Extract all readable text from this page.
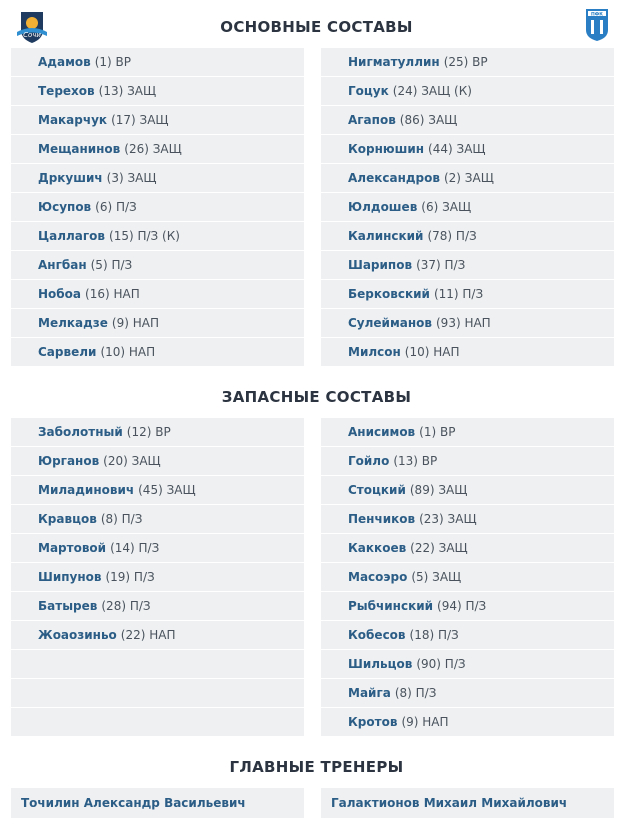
Сочи
ПФК
ОСНОВНЫЕ СОСТАВЫ
ЗАПАСНЫЕ СОСТАВЫ
ГЛАВНЫЕ ТРЕНЕРЫ
Адамов (1) ВР
Терехов (13) ЗАЩ
Макарчук (17) ЗАЩ
Мещанинов (26) ЗАЩ
Дркушич (3) ЗАЩ
Юсупов (6) П/З
Цаллагов (15) П/З (К)
Ангбан (5) П/З
Нобоа (16) НАП
Мелкадзе (9) НАП
Сарвели (10) НАП
Нигматуллин (25) ВР
Гоцук (24) ЗАЩ (К)
Агапов (86) ЗАЩ
Корнюшин (44) ЗАЩ
Александров (2) ЗАЩ
Юлдошев (6) ЗАЩ
Калинский (78) П/З
Шарипов (37) П/З
Берковский (11) П/З
Сулейманов (93) НАП
Милсон (10) НАП
Заболотный (12) ВР
Юрганов (20) ЗАЩ
Миладинович (45) ЗАЩ
Кравцов (8) П/З
Мартовой (14) П/З
Шипунов (19) П/З
Батырев (28) П/З
Жоаозиньо (22) НАП
Анисимов (1) ВР
Гойло (13) ВР
Стоцкий (89) ЗАЩ
Пенчиков (23) ЗАЩ
Каккоев (22) ЗАЩ
Масоэро (5) ЗАЩ
Рыбчинский (94) П/З
Кобесов (18) П/З
Шильцов (90) П/З
Майга (8) П/З
Кротов (9) НАП
Точилин Александр Васильевич	Галактионов Михаил Михайлович
